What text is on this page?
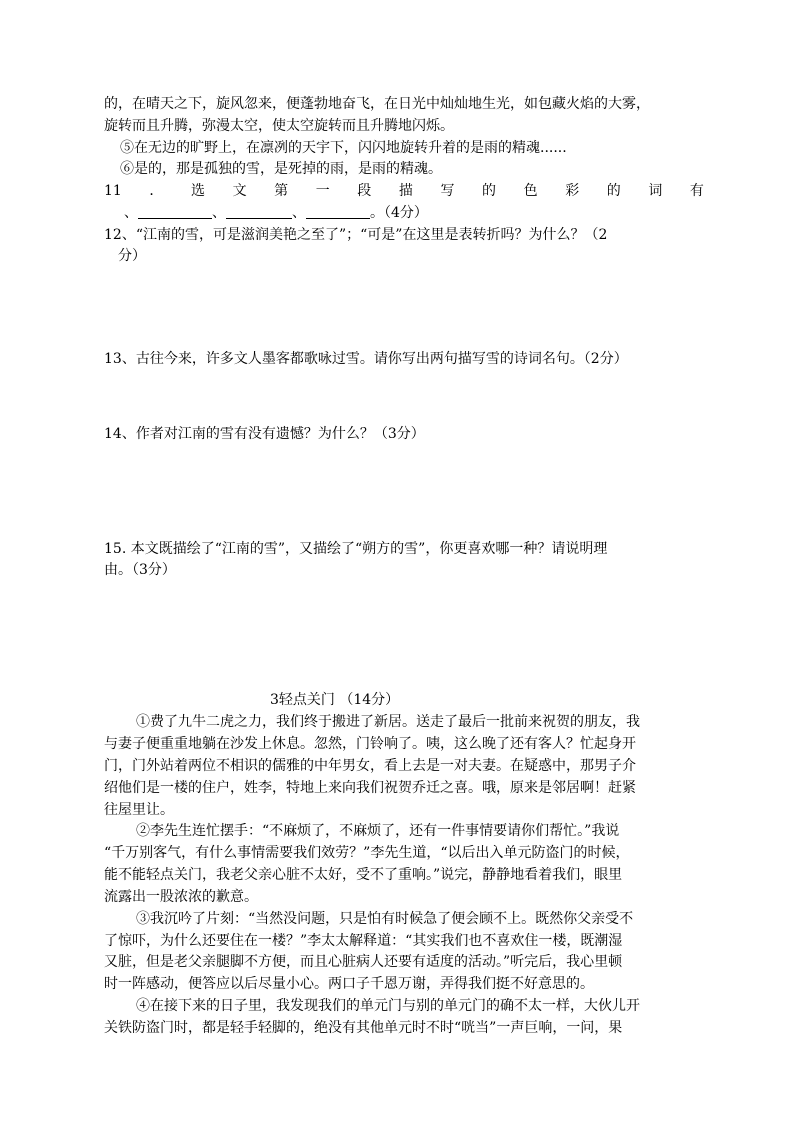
的，在晴天之下，旋风忽来，便蓬勃地奋飞，在日光中灿灿地生光，如包藏火焰的大雾，
旋转而且升腾，弥漫太空，使太空旋转而且升腾地闪烁。
⑤在无边的旷野上，在凛冽的天宇下，闪闪地旋转升着的是雨的精魂......
⑥是的，那是孤独的雪，是死掉的雨，是雨的精魂。
11 ． 选 文 第 一 段 描 写 的 色 彩 的 词 有
、	、	、	。（4分）
12、“江南的雪，可是滋润美艳之至了”；“可是”在这里是表转折吗？为什么？（2
分）
13、古往今来，许多文人墨客都歌咏过雪。请你写出两句描写雪的诗词名句。（2分）
14、作者对江南的雪有没有遗憾？为什么？（3分）
15. 本文既描绘了“江南的雪”，又描绘了“朔方的雪”，你更喜欢哪一种？请说明理
由。（3分）
3轻点关门 （14分）
①费了九牛二虎之力，我们终于搬进了新居。送走了最后一批前来祝贺的朋友，我
与妻子便重重地躺在沙发上休息。忽然，门铃响了。咦，这么晚了还有客人？忙起身开
门，门外站着两位不相识的儒雅的中年男女，看上去是一对夫妻。在疑惑中，那男子介
绍他们是一楼的住户，姓李，特地上来向我们祝贺乔迁之喜。哦，原来是邻居啊！赶紧
往屋里让。
②李先生连忙摆手：“不麻烦了，不麻烦了，还有一件事情要请你们帮忙。”我说
“千万别客气，有什么事情需要我们效劳？”李先生道，“以后出入单元防盗门的时候，
能不能轻点关门，我老父亲心脏不太好，受不了重响。”说完，静静地看着我们，眼里
流露出一股浓浓的歉意。
③我沉吟了片刻：“当然没问题，只是怕有时候急了便会顾不上。既然你父亲受不
了惊吓，为什么还要住在一楼？”李太太解释道：“其实我们也不喜欢住一楼，既潮湿
又脏，但是老父亲腿脚不方便，而且心脏病人还要有适度的活动。”听完后，我心里顿
时一阵感动，便答应以后尽量小心。两口子千恩万谢，弄得我们挺不好意思的。
④在接下来的日子里，我发现我们的单元门与别的单元门的确不太一样，大伙儿开
关铁防盗门时，都是轻手轻脚的，绝没有其他单元时不时“咣当”一声巨响，一问，果
